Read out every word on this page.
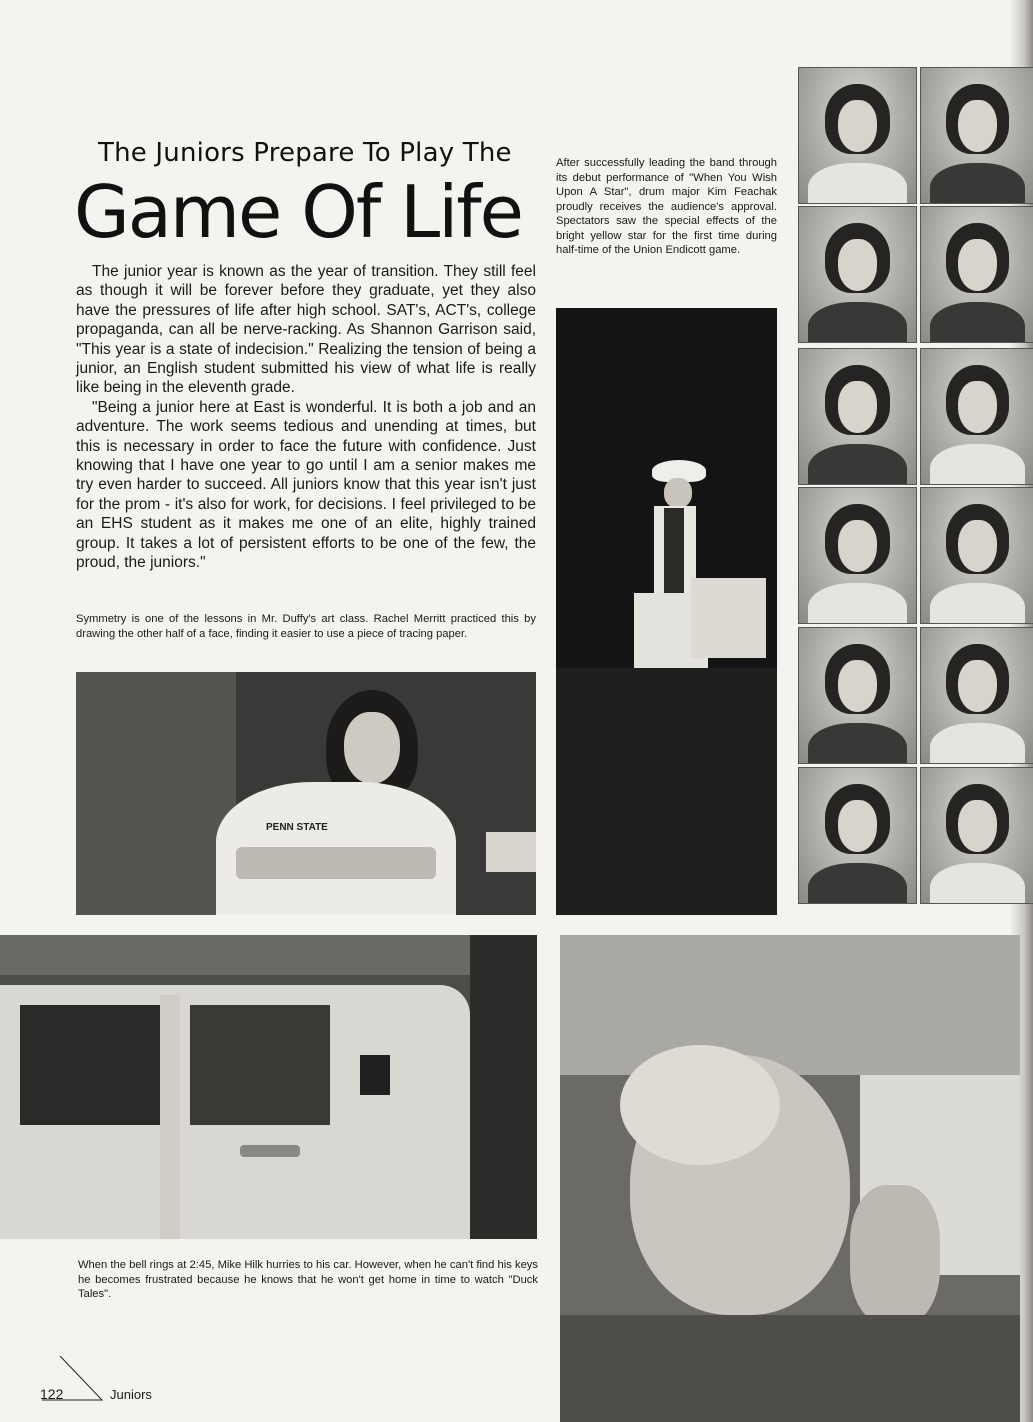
The Juniors Prepare To Play The
Game Of Life

The junior year is known as the year of transition. They still feel as though it will be forever before they graduate, yet they also have the pressures of life after high school. SAT's, ACT's, college propaganda, can all be nerve-racking. As Shannon Garrison said, "This year is a state of indecision." Realizing the tension of being a junior, an English student submitted his view of what life is really like being in the eleventh grade.

"Being a junior here at East is wonderful. It is both a job and an adventure. The work seems tedious and unending at times, but this is necessary in order to face the future with confidence. Just knowing that I have one year to go until I am a senior makes me try even harder to succeed. All juniors know that this year isn't just for the prom - it's also for work, for decisions. I feel privileged to be an EHS student as it makes me one of an elite, highly trained group. It takes a lot of persistent efforts to be one of the few, the proud, the juniors."

Symmetry is one of the lessons in Mr. Duffy's art class. Rachel Merritt practiced this by drawing the other half of a face, finding it easier to use a piece of tracing paper.
PENN STATE
After successfully leading the band through its debut performance of "When You Wish Upon A Star", drum major Kim Feachak proudly receives the audience's approval. Spectators saw the special effects of the bright yellow star for the first time during half-time of the Union Endicott game.
When the bell rings at 2:45, Mike Hilk hurries to his car. However, when he can't find his keys he becomes frustrated because he knows that he won't get home in time to watch "Duck Tales".
122	Juniors
